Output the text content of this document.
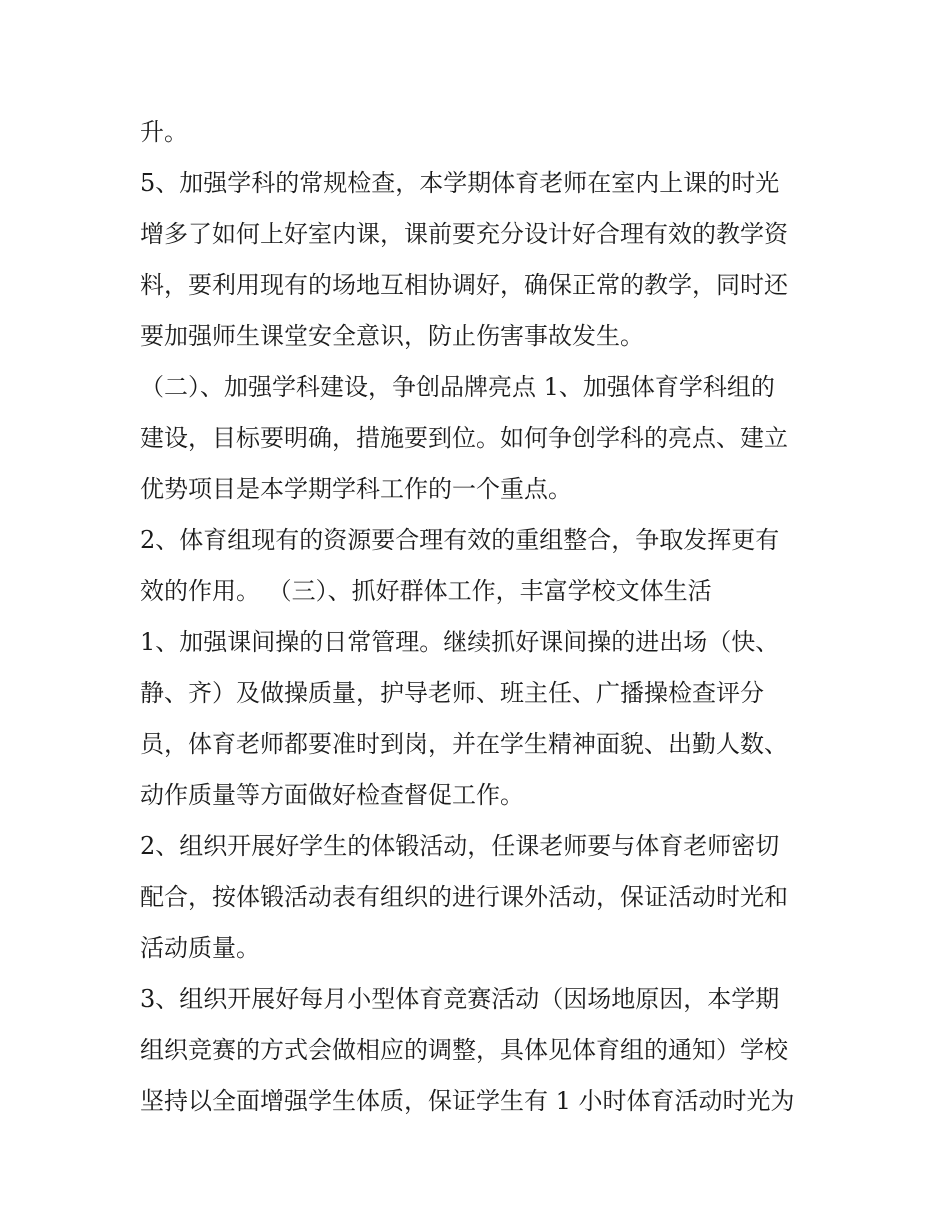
升。
5、加强学科的常规检查，本学期体育老师在室内上课的时光
增多了如何上好室内课，课前要充分设计好合理有效的教学资
料，要利用现有的场地互相协调好，确保正常的教学，同时还
要加强师生课堂安全意识，防止伤害事故发生。
（二）、加强学科建设，争创品牌亮点 1、加强体育学科组的
建设，目标要明确，措施要到位。如何争创学科的亮点、建立
优势项目是本学期学科工作的一个重点。
2、体育组现有的资源要合理有效的重组整合，争取发挥更有
效的作用。 （三）、抓好群体工作，丰富学校文体生活
1、加强课间操的日常管理。继续抓好课间操的进出场（快、
静、齐）及做操质量，护导老师、班主任、广播操检查评分
员，体育老师都要准时到岗，并在学生精神面貌、出勤人数、
动作质量等方面做好检查督促工作。
2、组织开展好学生的体锻活动，任课老师要与体育老师密切
配合，按体锻活动表有组织的进行课外活动，保证活动时光和
活动质量。
3、组织开展好每月小型体育竞赛活动（因场地原因，本学期
组织竞赛的方式会做相应的调整，具体见体育组的通知）学校
坚持以全面增强学生体质，保证学生有 1 小时体育活动时光为
